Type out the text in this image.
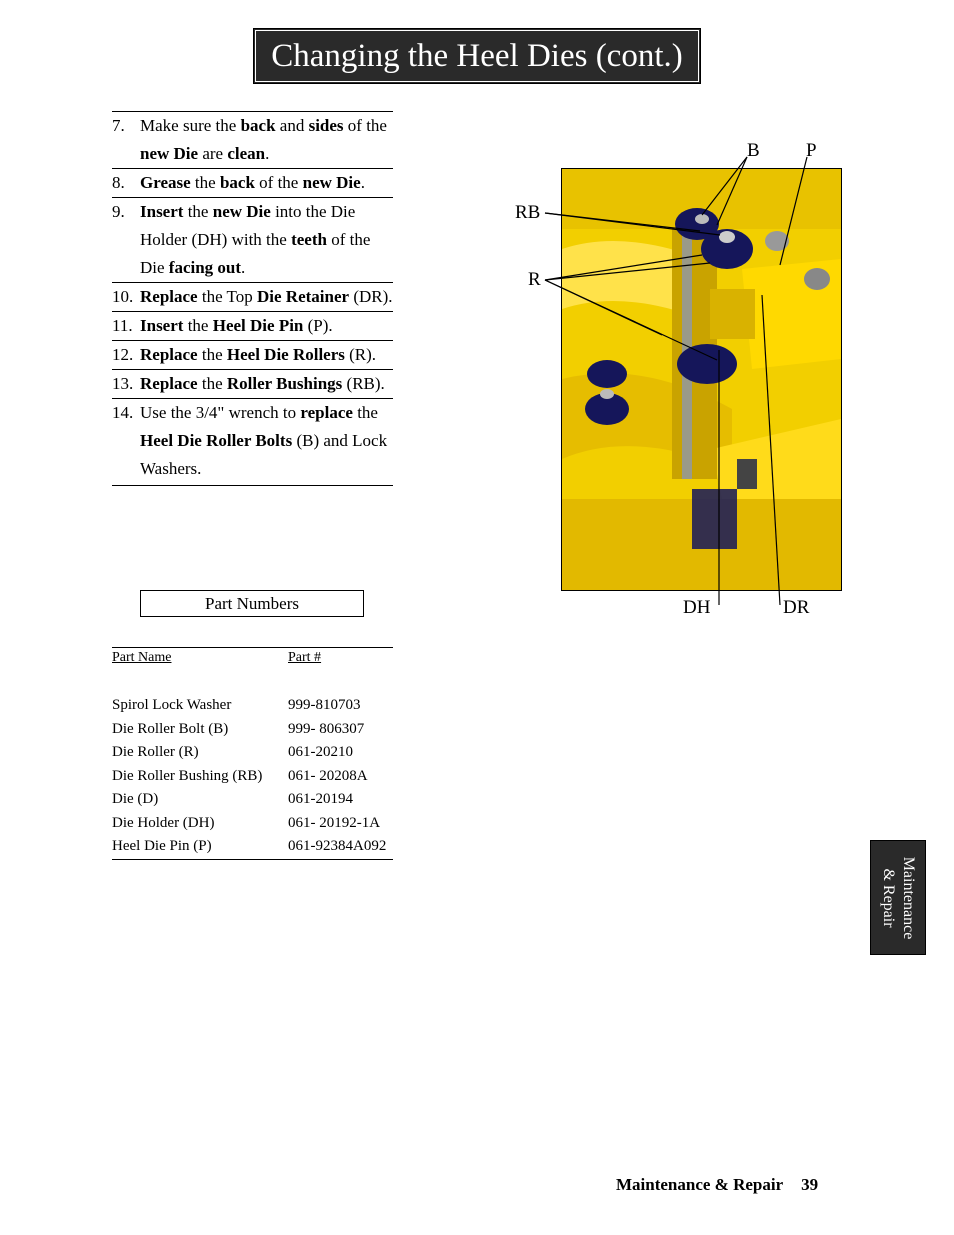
Changing the Heel Dies (cont.)
7. Make sure the back and sides of the new Die are clean.
8. Grease the back of the new Die.
9. Insert the new Die into the Die Holder (DH) with the teeth of the Die facing out.
10. Replace the Top Die Retainer (DR).
11. Insert the Heel Die Pin (P).
12. Replace the Heel Die Rollers (R).
13. Replace the Roller Bushings (RB).
14. Use the 3/4" wrench to replace the Heel Die Roller Bolts (B) and Lock Washers.
Part Numbers
Part Name	Part #
Spirol Lock Washer	999-810703
Die Roller Bolt (B)	999- 806307
Die Roller (R)	061-20210
Die Roller Bushing (RB)	061- 20208A
Die (D)	061-20194
Die Holder (DH)	061- 20192-1A
Heel Die Pin (P)	061-92384A092
B P
RB
R
DH	DR
Maintenance
& Repair
Maintenance & Repair 39
